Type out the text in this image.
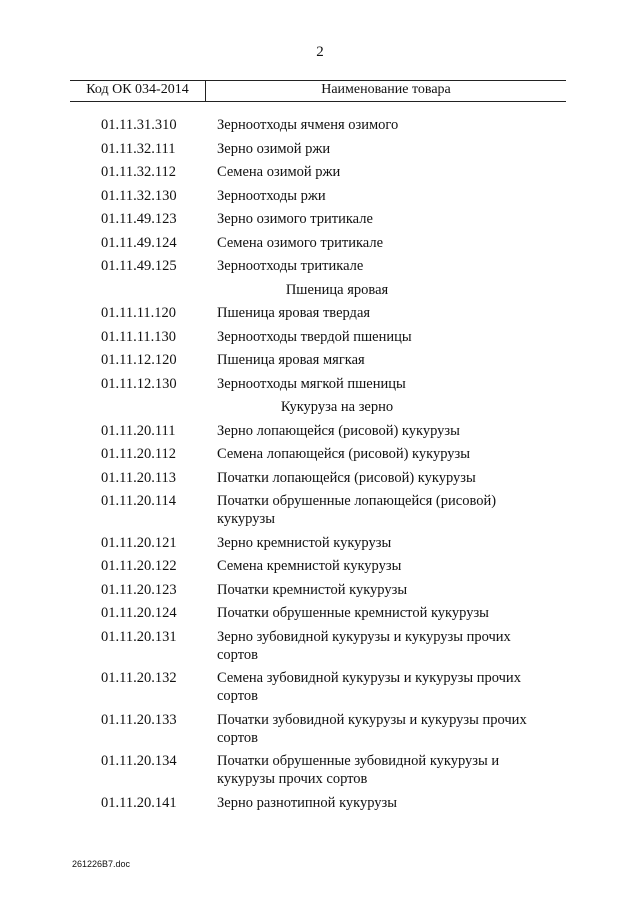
2
Код ОК 034-2014	Наименование товара
01.11.31.310	Зерноотходы ячменя озимого
01.11.32.111	Зерно озимой ржи
01.11.32.112	Семена озимой ржи
01.11.32.130	Зерноотходы ржи
01.11.49.123	Зерно озимого тритикале
01.11.49.124	Семена озимого тритикале
01.11.49.125	Зерноотходы тритикале
Пшеница яровая
01.11.11.120	Пшеница яровая твердая
01.11.11.130	Зерноотходы твердой пшеницы
01.11.12.120	Пшеница яровая мягкая
01.11.12.130	Зерноотходы мягкой пшеницы
Кукуруза на зерно
01.11.20.111	Зерно лопающейся (рисовой) кукурузы
01.11.20.112	Семена лопающейся (рисовой) кукурузы
01.11.20.113	Початки лопающейся (рисовой) кукурузы
01.11.20.114	Початки обрушенные лопающейся (рисовой) кукурузы
01.11.20.121	Зерно кремнистой кукурузы
01.11.20.122	Семена кремнистой кукурузы
01.11.20.123	Початки кремнистой кукурузы
01.11.20.124	Початки обрушенные кремнистой кукурузы
01.11.20.131	Зерно зубовидной кукурузы и кукурузы прочих сортов
01.11.20.132	Семена зубовидной кукурузы и кукурузы прочих сортов
01.11.20.133	Початки зубовидной кукурузы и кукурузы прочих сортов
01.11.20.134	Початки обрушенные зубовидной кукурузы и кукурузы прочих сортов
01.11.20.141	Зерно разнотипной кукурузы
261226B7.doc
